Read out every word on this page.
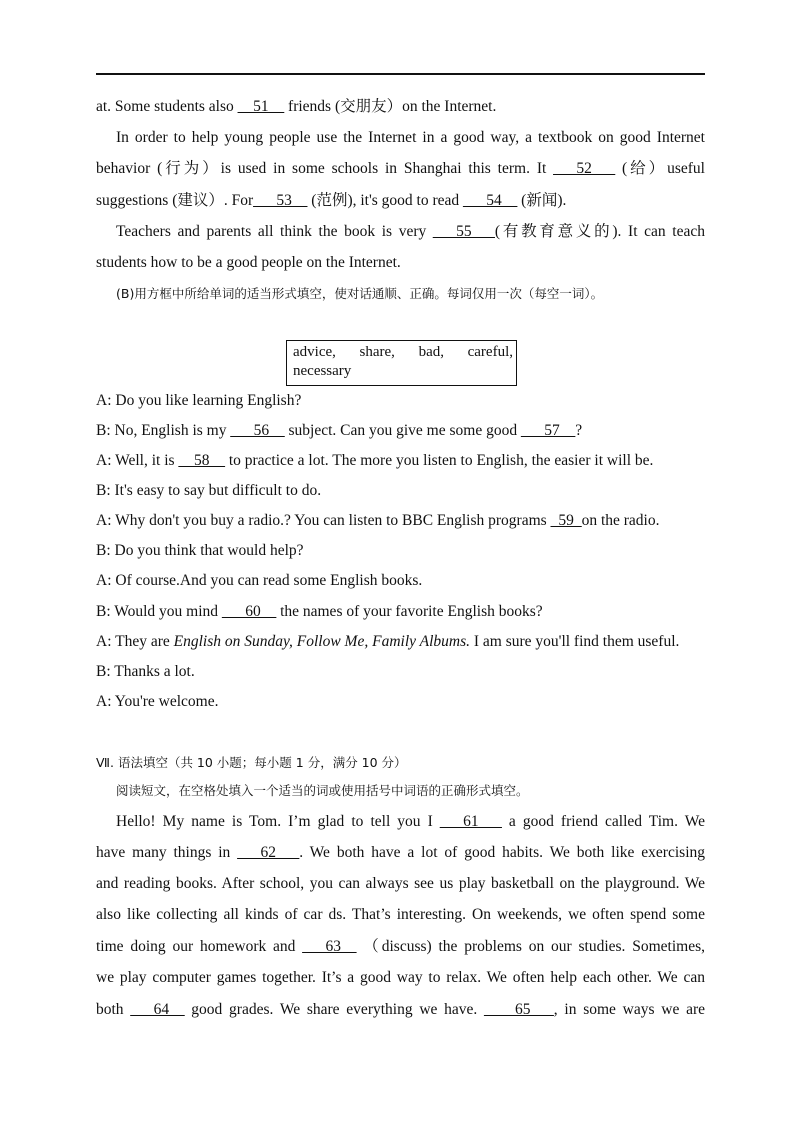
at. Some students also __51__ friends (交朋友）on the Internet.
In order to help young people use the Internet in a good way, a textbook on good Internet
behavior (行为）is used in some schools in Shanghai this term. It ___52___ (给）useful
suggestions (建议）. For___53__ (范例), it's good to read ___54__ (新闻).
Teachers and parents all think the book is very ___55___(有教育意义的). It can teach
students how to be a good people on the Internet.
(B)用方框中所给单词的适当形式填空，使对话通顺、正确。每词仅用一次（每空一词）。
advice, share, bad, careful,
necessary
A: Do you like learning English?
B: No, English is my ___56__ subject. Can you give me some good ___57__?
A: Well, it is __58__ to practice a lot. The more you listen to English, the easier it will be.
B: It's easy to say but difficult to do.
A: Why don't you buy a radio.? You can listen to BBC English programs _59_on the radio.
B: Do you think that would help?
A: Of course.And you can read some English books.
B: Would you mind ___60__ the names of your favorite English books?
A: They are English on Sunday, Follow Me, Family Albums. I am sure you'll find them useful.
B: Thanks a lot.
A: You're welcome.
Ⅶ. 语法填空（共 10 小题；每小题 1 分，满分 10 分）
阅读短文，在空格处填入一个适当的词或使用括号中词语的正确形式填空。
Hello! My name is Tom. I’m glad to tell you I ___61___ a good friend called Tim. We
have many things in ___62___. We both have a lot of good habits. We both like exercising
and reading books. After school, you can always see us play basketball on the playground. We
also like collecting all kinds of car ds. That’s interesting. On weekends, we often spend some
time doing our homework and ___63__ （discuss) the problems on our studies. Sometimes,
we play computer games together. It’s a good way to relax. We often help each other. We can
both ___64__ good grades. We share everything we have. ____65___, in some ways we are
